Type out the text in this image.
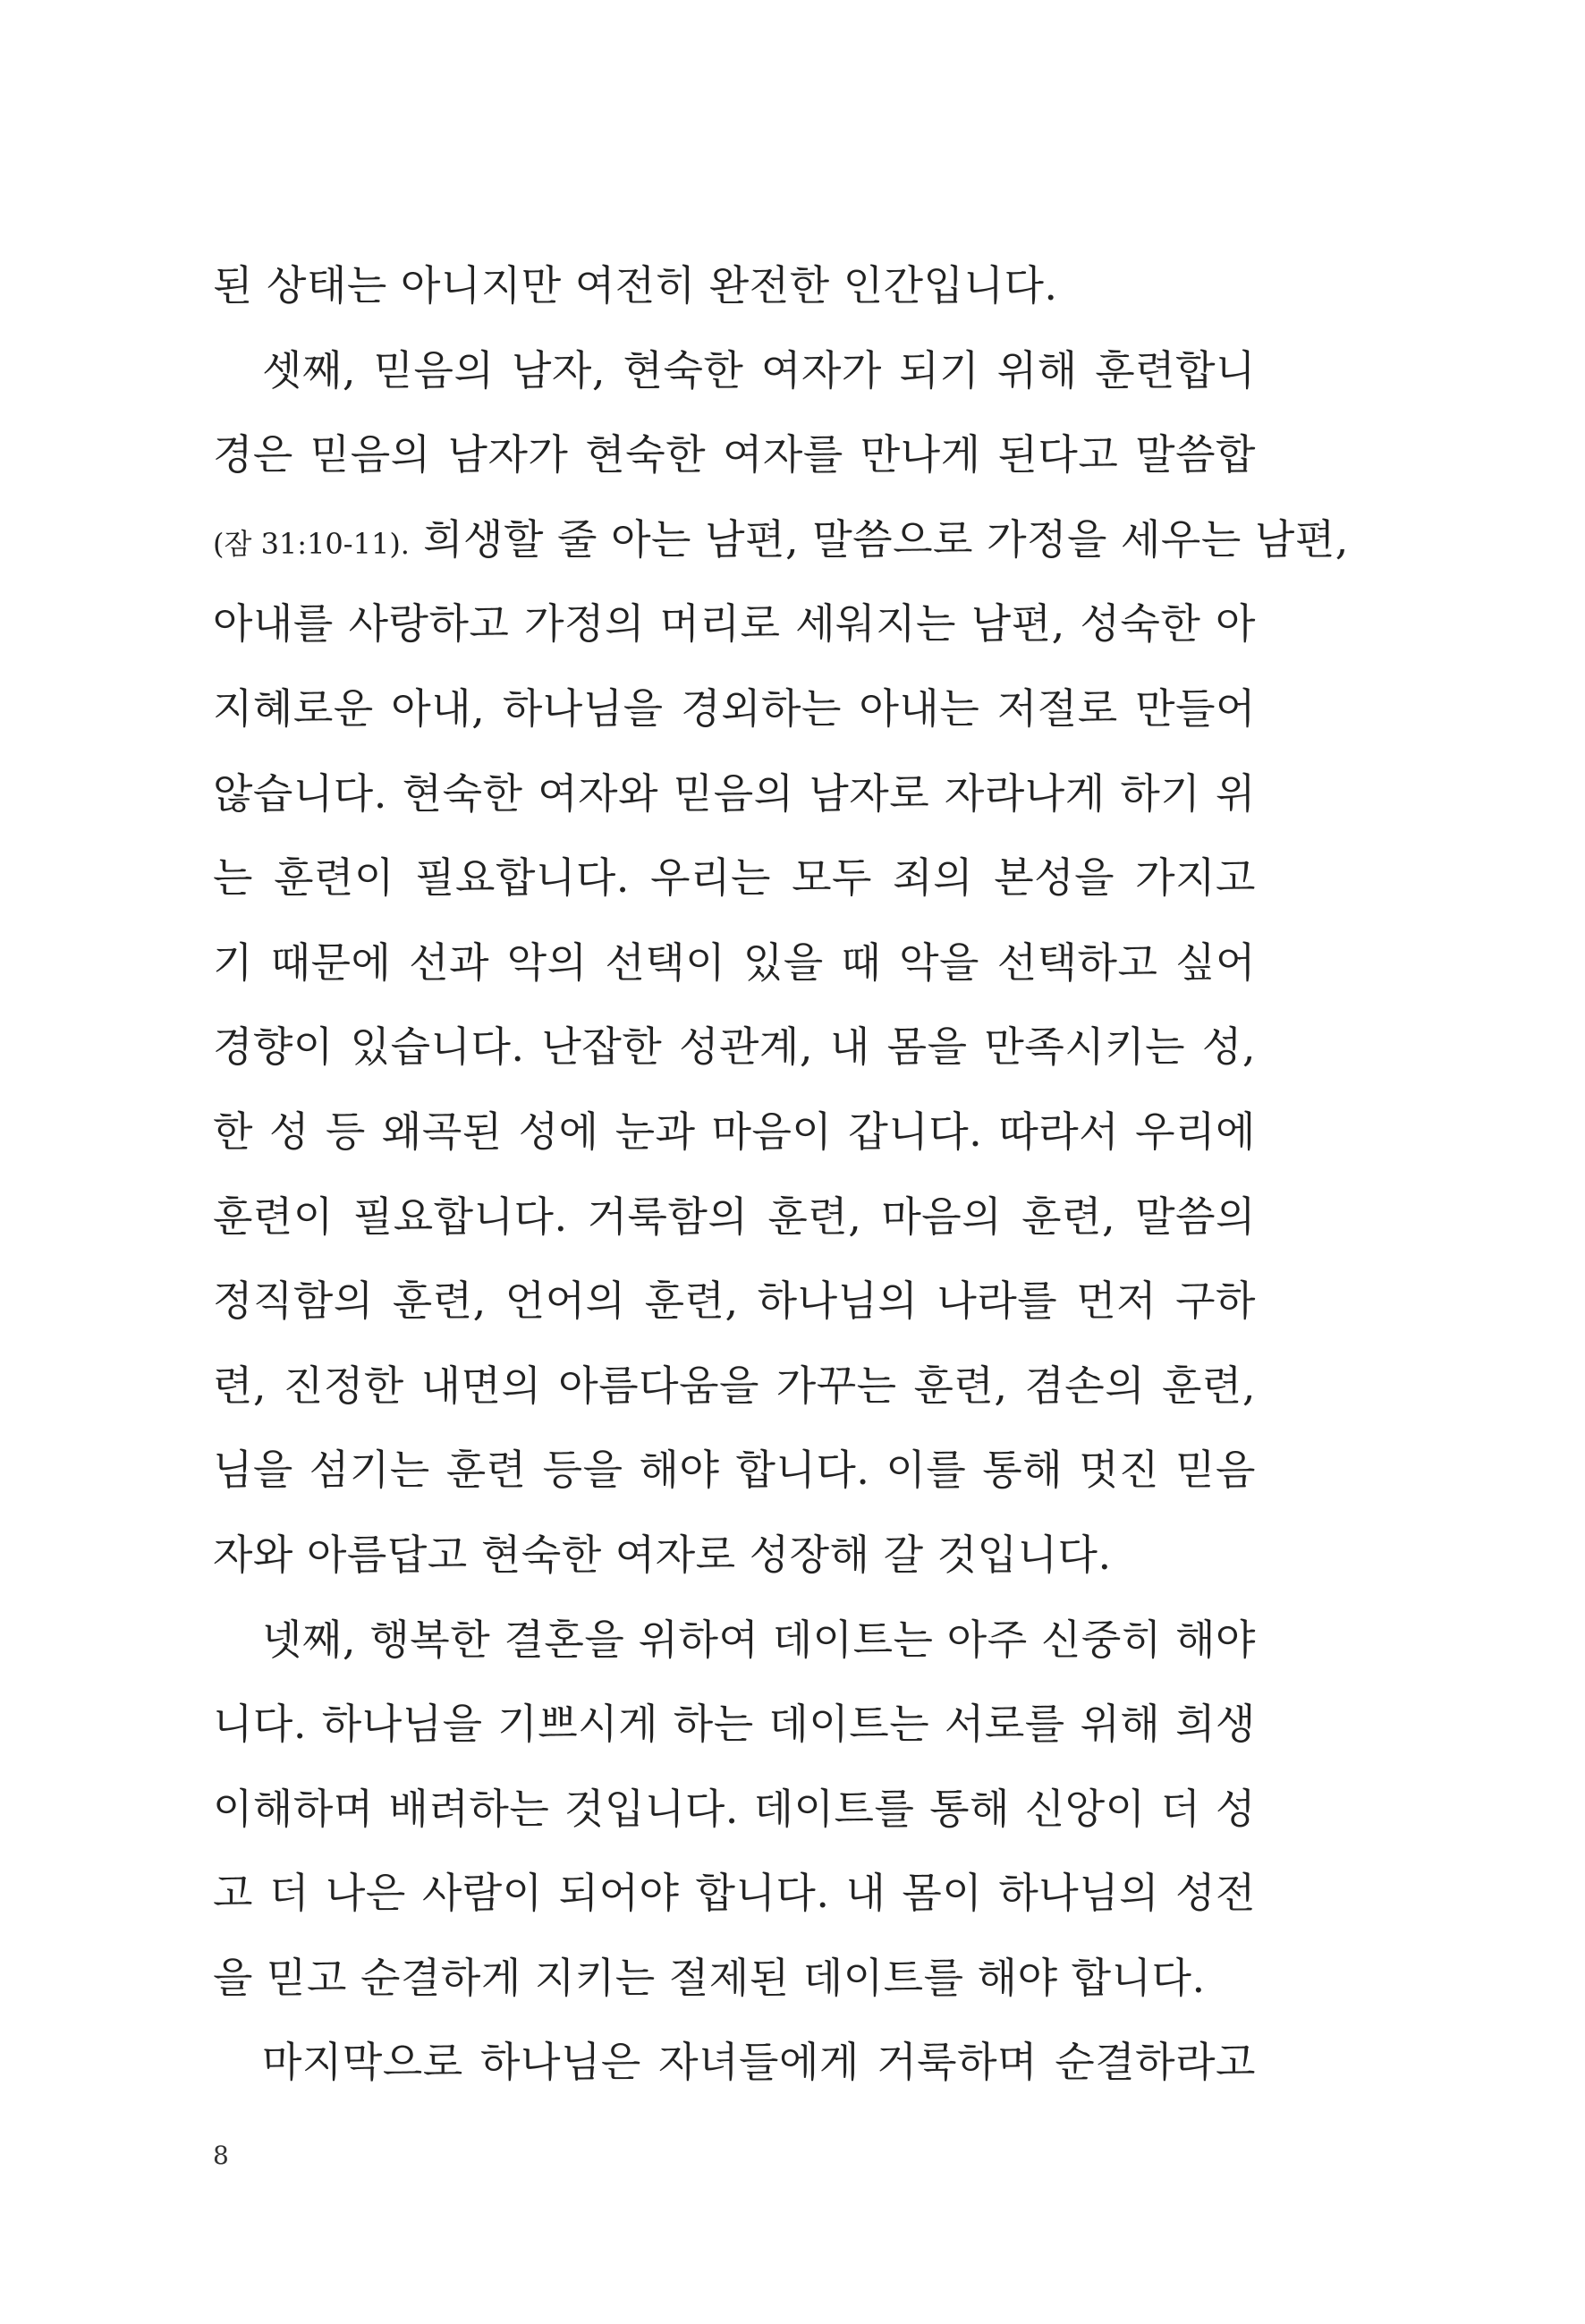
된 상태는 아니지만 여전히 완전한 인간입니다.
셋째, 믿음의 남자, 현숙한 여자가 되기 위해 훈련합니
경은 믿음의 남자가 현숙한 여자를 만나게 된다고 말씀합
(잠 31:10-11). 희생할 줄 아는 남편, 말씀으로 가정을 세우는 남편,
아내를 사랑하고 가정의 머리로 세워지는 남편, 성숙한 아
지혜로운 아내, 하나님을 경외하는 아내는 저절로 만들어
않습니다. 현숙한 여자와 믿음의 남자로 자라나게 하기 위
는 훈련이 필요합니다. 우리는 모두 죄의 본성을 가지고
기 때문에 선과 악의 선택이 있을 때 악을 선택하고 싶어
경향이 있습니다. 난잡한 성관계, 내 몸을 만족시키는 성,
한 성 등 왜곡된 성에 눈과 마음이 갑니다. 따라서 우리에
훈련이 필요합니다. 거룩함의 훈련, 마음의 훈련, 말씀의
정직함의 훈련, 언어의 훈련, 하나님의 나라를 먼저 구하
련, 진정한 내면의 아름다움을 가꾸는 훈련, 겸손의 훈련,
님을 섬기는 훈련 등을 해야 합니다. 이를 통해 멋진 믿음
자와 아름답고 현숙한 여자로 성장해 갈 것입니다.
넷째, 행복한 결혼을 위하여 데이트는 아주 신중히 해야
니다. 하나님을 기쁘시게 하는 데이트는 서로를 위해 희생
이해하며 배려하는 것입니다. 데이트를 통해 신앙이 더 성
고 더 나은 사람이 되어야 합니다. 내 몸이 하나님의 성전
을 믿고 순결하게 지키는 절제된 데이트를 해야 합니다.
마지막으로 하나님은 자녀들에게 거룩하며 순결하라고
8
